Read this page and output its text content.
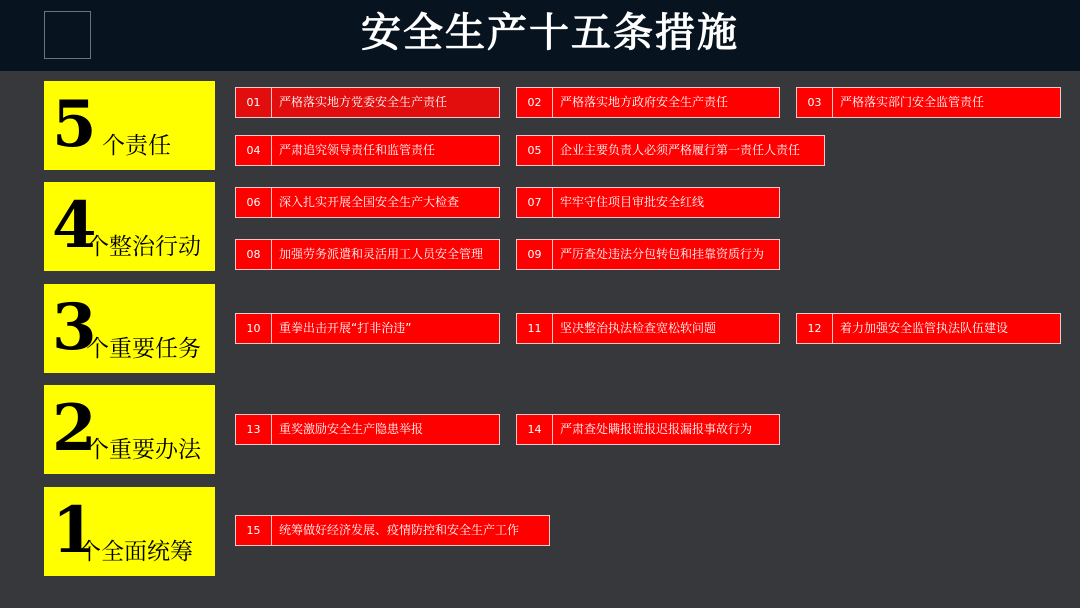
安全生产十五条措施
5 个责任
4
个整治行动
3
个重要任务
2
个重要办法
1
个全面统筹
01	严格落实地方党委安全生产责任	02	严格落实地方政府安全生产责任	03	严格落实部门安全监管责任
04	严肃追究领导责任和监管责任	05	企业主要负责人必须严格履行第一责任人责任
06	深入扎实开展全国安全生产大检查	07	牢牢守住项目审批安全红线
08	加强劳务派遣和灵活用工人员安全管理	09	严厉查处违法分包转包和挂靠资质行为
10	重拳出击开展“打非治违”	11	坚决整治执法检查宽松软问题	12	着力加强安全监管执法队伍建设
13	重奖激励安全生产隐患举报	14	严肃查处瞒报谎报迟报漏报事故行为
15	统筹做好经济发展、疫情防控和安全生产工作
